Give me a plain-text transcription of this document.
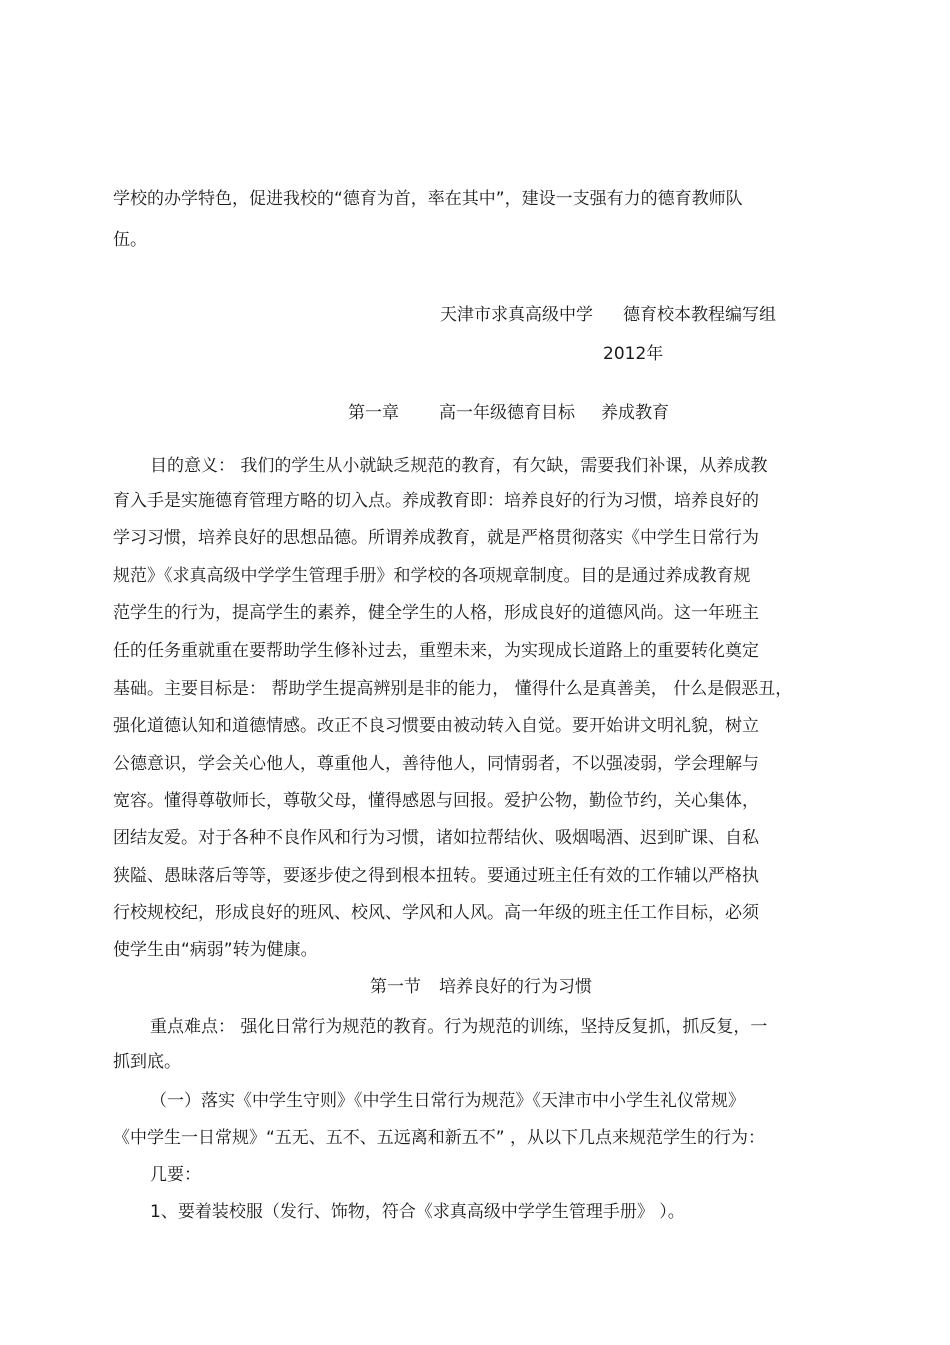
学校的办学特色，促进我校的“德育为首，率在其中”，建设一支强有力的德育教师队
伍。
天津市求真高级中学 德育校本教程编写组
2012年
第一章 高一年级德育目标 养成教育
目的意义： 我们的学生从小就缺乏规范的教育，有欠缺，需要我们补课，从养成教
育入手是实施德育管理方略的切入点。养成教育即：培养良好的行为习惯，培养良好的
学习习惯，培养良好的思想品德。所谓养成教育，就是严格贯彻落实《中学生日常行为
规范》《求真高级中学学生管理手册》和学校的各项规章制度。目的是通过养成教育规
范学生的行为，提高学生的素养，健全学生的人格，形成良好的道德风尚。这一年班主
任的任务重就重在要帮助学生修补过去，重塑未来，为实现成长道路上的重要转化奠定
基础。主要目标是： 帮助学生提高辨别是非的能力， 懂得什么是真善美， 什么是假恶丑，
强化道德认知和道德情感。改正不良习惯要由被动转入自觉。要开始讲文明礼貌，树立
公德意识，学会关心他人，尊重他人，善待他人，同情弱者，不以强凌弱，学会理解与
宽容。懂得尊敬师长，尊敬父母，懂得感恩与回报。爱护公物，勤俭节约，关心集体，
团结友爱。对于各种不良作风和行为习惯，诸如拉帮结伙、吸烟喝酒、迟到旷课、自私
狭隘、愚昧落后等等，要逐步使之得到根本扭转。要通过班主任有效的工作辅以严格执
行校规校纪，形成良好的班风、校风、学风和人风。高一年级的班主任工作目标，必须
使学生由“病弱”转为健康。
第一节 培养良好的行为习惯
重点难点： 强化日常行为规范的教育。行为规范的训练，坚持反复抓，抓反复，一
抓到底。
（一）落实《中学生守则》《中学生日常行为规范》《天津市中小学生礼仪常规》
《中学生一日常规》“五无、五不、五远离和新五不” ，从以下几点来规范学生的行为：
几要：
1、要着装校服（发行、饰物，符合《求真高级中学学生管理手册》 ）。
